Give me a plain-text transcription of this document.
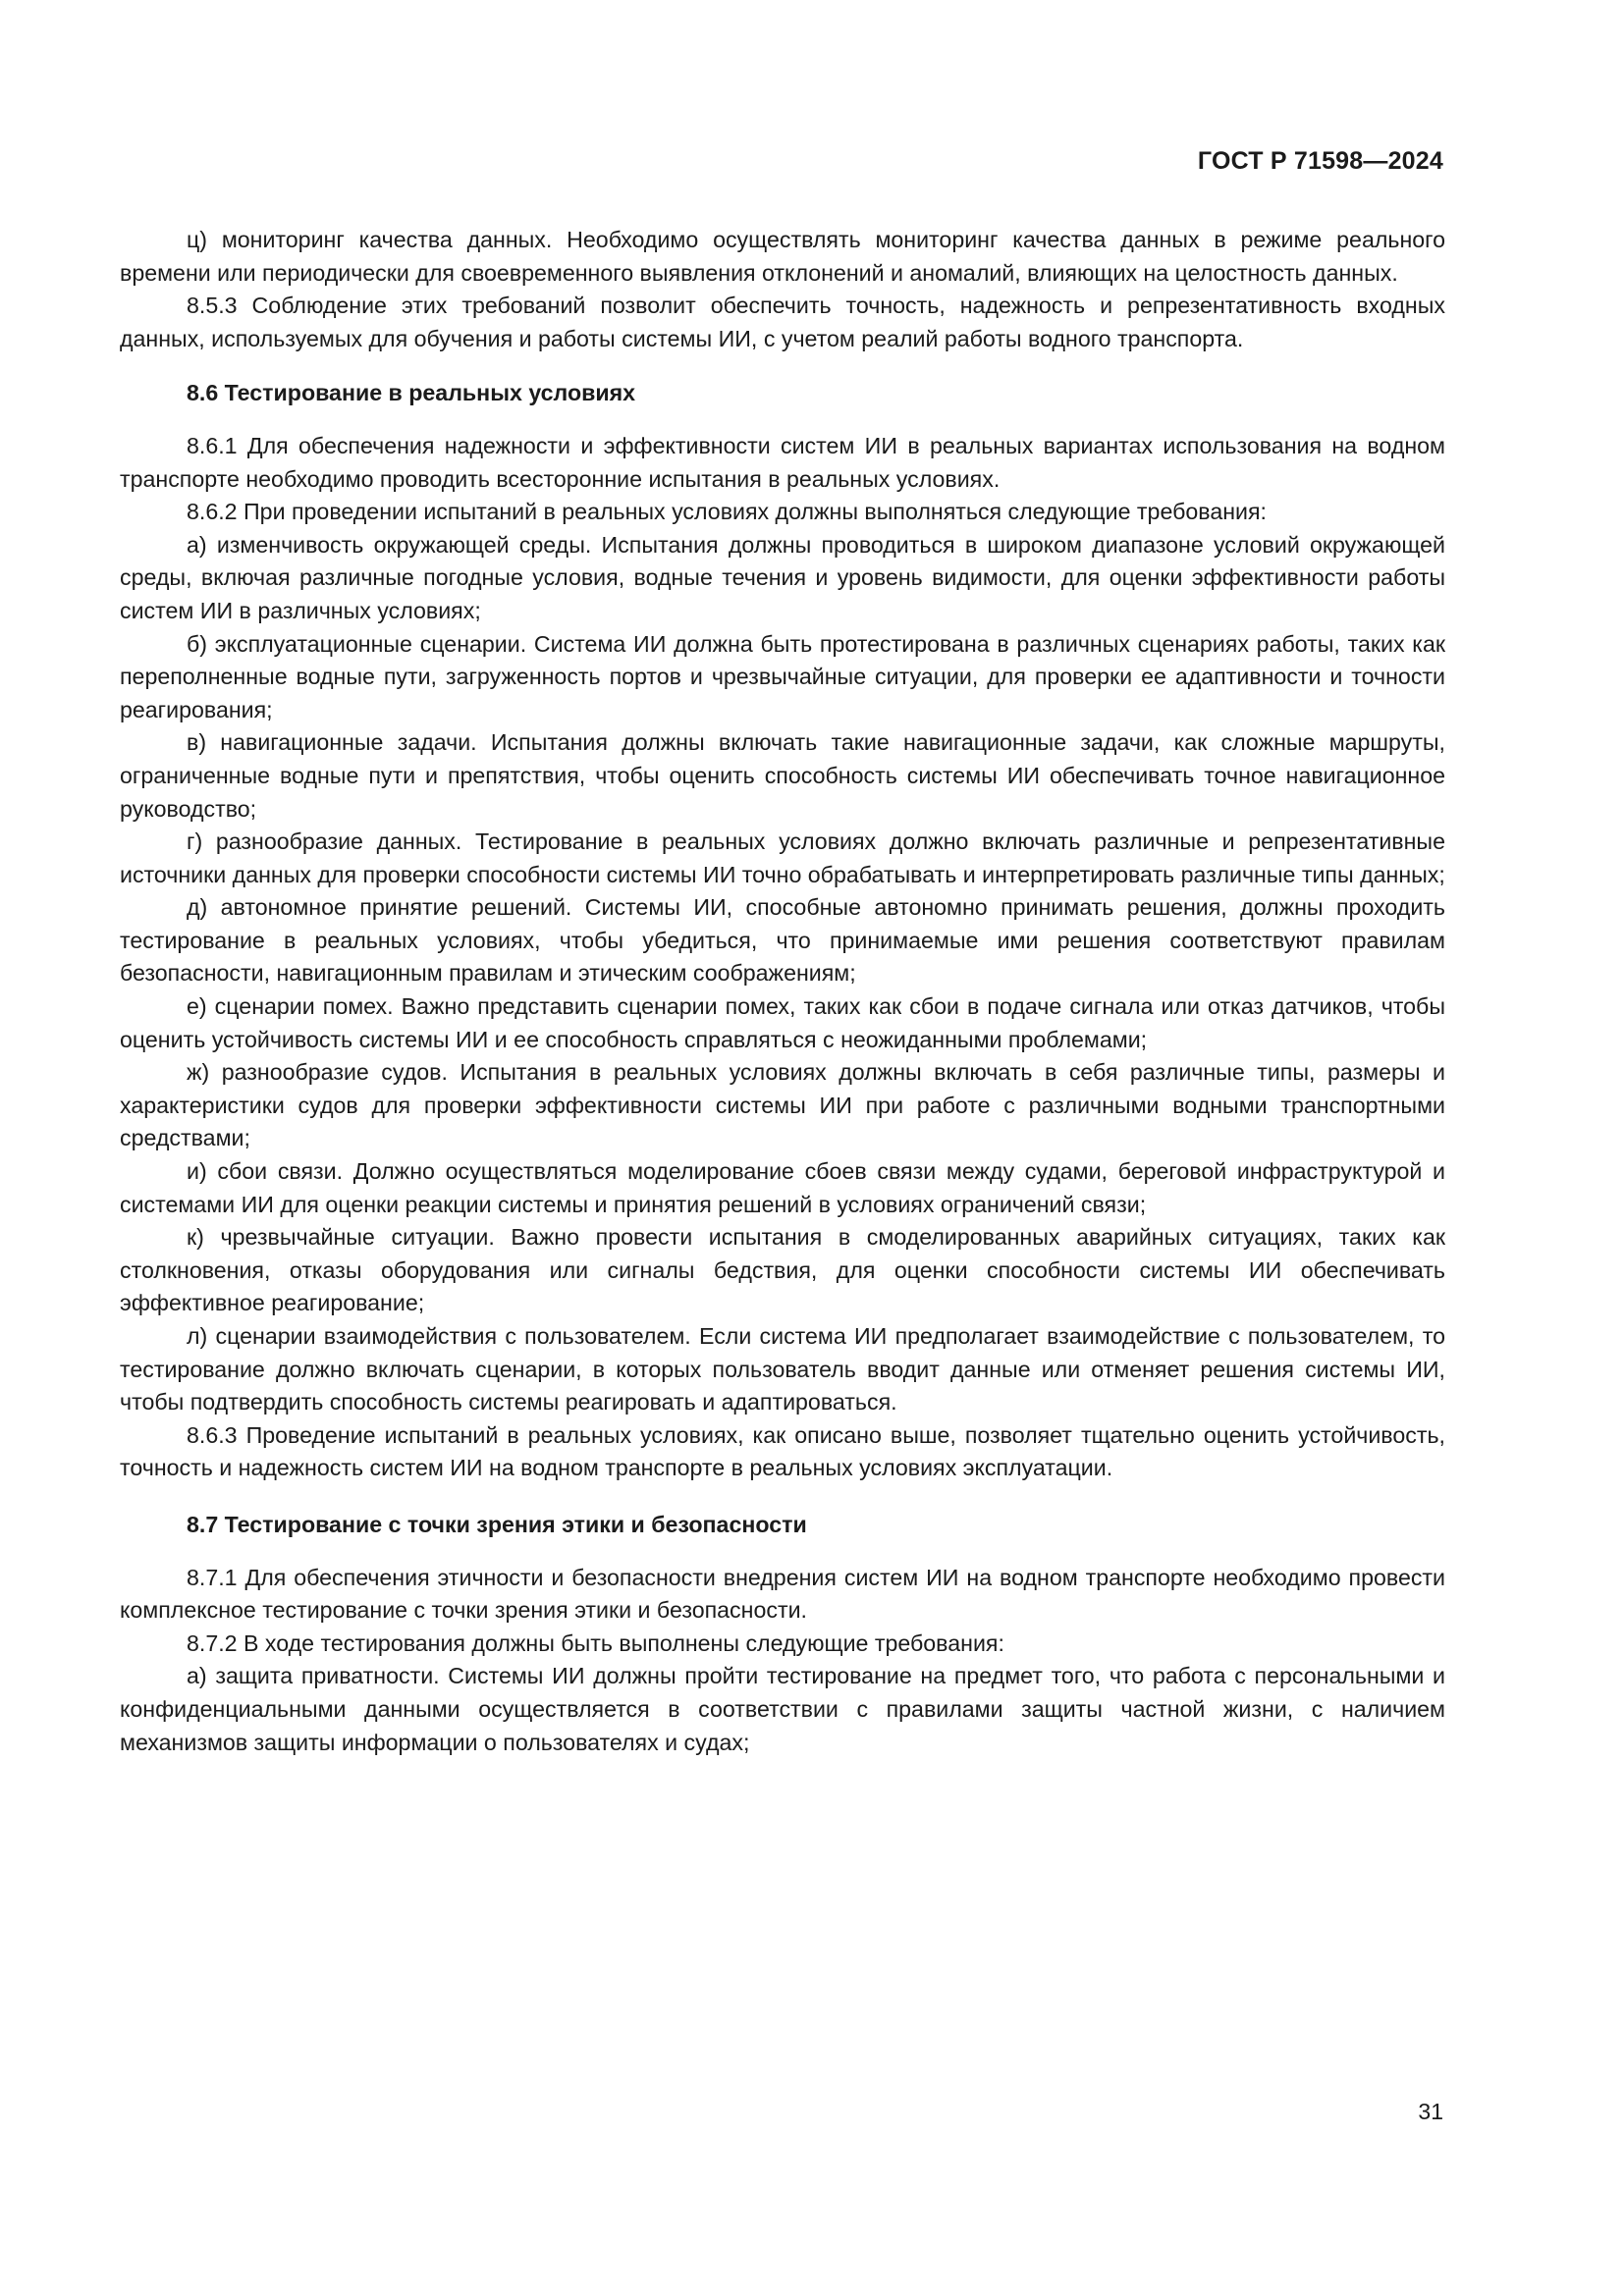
ГОСТ Р 71598—2024

ц) мониторинг качества данных. Необходимо осуществлять мониторинг качества данных в режиме реального времени или периодически для своевременного выявления отклонений и аномалий, влияющих на целостность данных.

8.5.3 Соблюдение этих требований позволит обеспечить точность, надежность и репрезентативность входных данных, используемых для обучения и работы системы ИИ, с учетом реалий работы водного транспорта.

8.6 Тестирование в реальных условиях

8.6.1 Для обеспечения надежности и эффективности систем ИИ в реальных вариантах использования на водном транспорте необходимо проводить всесторонние испытания в реальных условиях.

8.6.2 При проведении испытаний в реальных условиях должны выполняться следующие требования:

а) изменчивость окружающей среды. Испытания должны проводиться в широком диапазоне условий окружающей среды, включая различные погодные условия, водные течения и уровень видимости, для оценки эффективности работы систем ИИ в различных условиях;

б) эксплуатационные сценарии. Система ИИ должна быть протестирована в различных сценариях работы, таких как переполненные водные пути, загруженность портов и чрезвычайные ситуации, для проверки ее адаптивности и точности реагирования;

в) навигационные задачи. Испытания должны включать такие навигационные задачи, как сложные маршруты, ограниченные водные пути и препятствия, чтобы оценить способность системы ИИ обеспечивать точное навигационное руководство;

г) разнообразие данных. Тестирование в реальных условиях должно включать различные и репрезентативные источники данных для проверки способности системы ИИ точно обрабатывать и интерпретировать различные типы данных;

д) автономное принятие решений. Системы ИИ, способные автономно принимать решения, должны проходить тестирование в реальных условиях, чтобы убедиться, что принимаемые ими решения соответствуют правилам безопасности, навигационным правилам и этическим соображениям;

е) сценарии помех. Важно представить сценарии помех, таких как сбои в подаче сигнала или отказ датчиков, чтобы оценить устойчивость системы ИИ и ее способность справляться с неожиданными проблемами;

ж) разнообразие судов. Испытания в реальных условиях должны включать в себя различные типы, размеры и характеристики судов для проверки эффективности системы ИИ при работе с различными водными транспортными средствами;

и) сбои связи. Должно осуществляться моделирование сбоев связи между судами, береговой инфраструктурой и системами ИИ для оценки реакции системы и принятия решений в условиях ограничений связи;

к) чрезвычайные ситуации. Важно провести испытания в смоделированных аварийных ситуациях, таких как столкновения, отказы оборудования или сигналы бедствия, для оценки способности системы ИИ обеспечивать эффективное реагирование;

л) сценарии взаимодействия с пользователем. Если система ИИ предполагает взаимодействие с пользователем, то тестирование должно включать сценарии, в которых пользователь вводит данные или отменяет решения системы ИИ, чтобы подтвердить способность системы реагировать и адаптироваться.

8.6.3 Проведение испытаний в реальных условиях, как описано выше, позволяет тщательно оценить устойчивость, точность и надежность систем ИИ на водном транспорте в реальных условиях эксплуатации.

8.7 Тестирование с точки зрения этики и безопасности

8.7.1 Для обеспечения этичности и безопасности внедрения систем ИИ на водном транспорте необходимо провести комплексное тестирование с точки зрения этики и безопасности.

8.7.2 В ходе тестирования должны быть выполнены следующие требования:

а) защита приватности. Системы ИИ должны пройти тестирование на предмет того, что работа с персональными и конфиденциальными данными осуществляется в соответствии с правилами защиты частной жизни, с наличием механизмов защиты информации о пользователях и судах;

31
